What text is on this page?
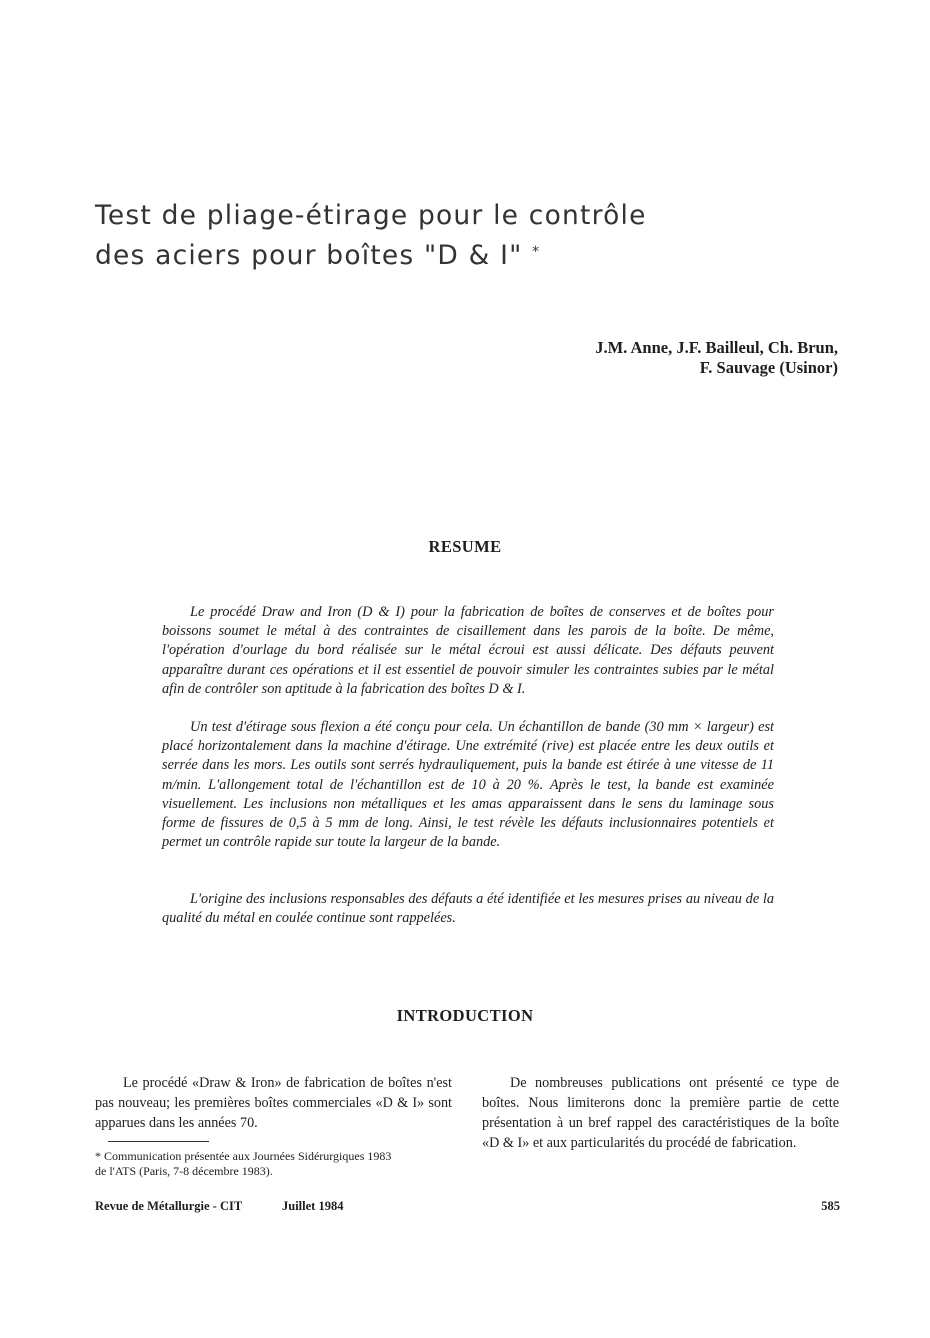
Test de pliage-étirage pour le contrôle
des aciers pour boîtes "D & I" *
J.M. Anne, J.F. Bailleul, Ch. Brun,
F. Sauvage (Usinor)
RESUME

Le procédé Draw and Iron (D & I) pour la fabrication de boîtes de conserves et de boîtes pour boissons soumet le métal à des contraintes de cisaillement dans les parois de la boîte. De même, l'opération d'ourlage du bord réalisée sur le métal écroui est aussi délicate. Des défauts peuvent apparaître durant ces opérations et il est essentiel de pouvoir simuler les contraintes subies par le métal afin de contrôler son aptitude à la fabrication des boîtes D & I.

Un test d'étirage sous flexion a été conçu pour cela. Un échantillon de bande (30 mm × largeur) est placé horizontalement dans la machine d'étirage. Une extrémité (rive) est placée entre les deux outils et serrée dans les mors. Les outils sont serrés hydrauliquement, puis la bande est étirée à une vitesse de 11 m/min. L'allongement total de l'échantillon est de 10 à 20 %. Après le test, la bande est examinée visuellement. Les inclusions non métalliques et les amas apparaissent dans le sens du laminage sous forme de fissures de 0,5 à 5 mm de long. Ainsi, le test révèle les défauts inclusionnaires potentiels et permet un contrôle rapide sur toute la largeur de la bande.

L'origine des inclusions responsables des défauts a été identifiée et les mesures prises au niveau de la qualité du métal en coulée continue sont rappelées.

INTRODUCTION

Le procédé «Draw & Iron» de fabrication de boîtes n'est pas nouveau; les premières boîtes commerciales «D & I» sont apparues dans les années 70.

De nombreuses publications ont présenté ce type de boîtes. Nous limiterons donc la première partie de cette présentation à un bref rappel des caractéristiques de la boîte «D & I» et aux particularités du procédé de fabrication.

* Communication présentée aux Journées Sidérurgiques 1983
de l'ATS (Paris, 7-8 décembre 1983).

Revue de Métallurgie - CIT	Juillet 1984	585
